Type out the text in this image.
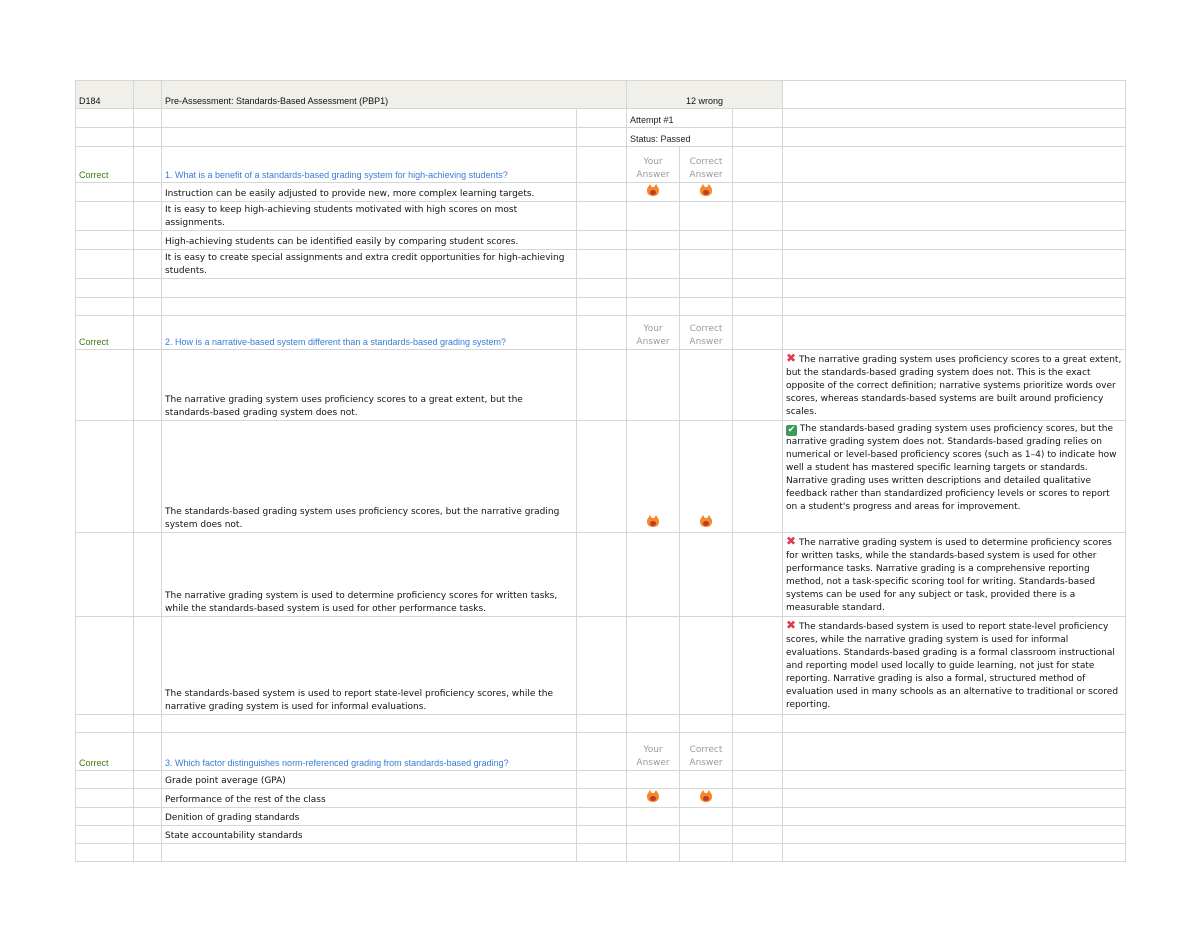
D184		Pre-Assessment: Standards-Based Assessment (PBP1)		12 wrong			
				Attempt #1			
				Status: Passed			
Correct		1. What is a benefit of a standards-based grading system for high-achieving students?		Your
Answer	Correct
Answer		

		Instruction can be easily adjusted to provide new, more complex learning targets.		

		It is easy to keep high-achieving students motivated with high scores on most assignments.					
		High-achieving students can be identified easily by comparing student scores.					
		It is easy to create special assignments and extra credit opportunities for high-achieving students.					

Correct		2. How is a narrative-based system different than a standards-based grading system?		Your
Answer	Correct
Answer		

		The narrative grading system uses proficiency scores to a great extent, but the standards-based grading system does not.					✖ The narrative grading system uses proficiency scores to a great extent, but the standards-based grading system does not. This is the exact opposite of the correct definition; narrative systems prioritize words over scores, whereas standards-based systems are built around proficiency scales.
		The standards-based grading system uses proficiency scores, but the narrative grading system does not.					✔ The standards-based grading system uses proficiency scores, but the narrative grading system does not. Standards-based grading relies on numerical or level-based proficiency scores (such as 1–4) to indicate how well a student has mastered specific learning targets or standards. Narrative grading uses written descriptions and detailed qualitative feedback rather than standardized proficiency levels or scores to report on a student's progress and areas for improvement.
		The narrative grading system is used to determine proficiency scores for written tasks, while the standards-based system is used for other performance tasks.					✖ The narrative grading system is used to determine proficiency scores for written tasks, while the standards-based system is used for other performance tasks. Narrative grading is a comprehensive reporting method, not a task-specific scoring tool for writing. Standards-based systems can be used for any subject or task, provided there is a measurable standard.
		The standards-based system is used to report state-level proficiency scores, while the narrative grading system is used for informal evaluations.					✖ The standards-based system is used to report state-level proficiency scores, while the narrative grading system is used for informal evaluations. Standards-based grading is a formal classroom instructional and reporting model used locally to guide learning, not just for state reporting. Narrative grading is also a formal, structured method of evaluation used in many schools as an alternative to traditional or scored reporting.

Correct		3. Which factor distinguishes norm-referenced grading from standards-based grading?		Your
Answer	Correct
Answer		

		Grade point average (GPA)					
		Performance of the rest of the class		

		Denition of grading standards					
		State accountability standards					
